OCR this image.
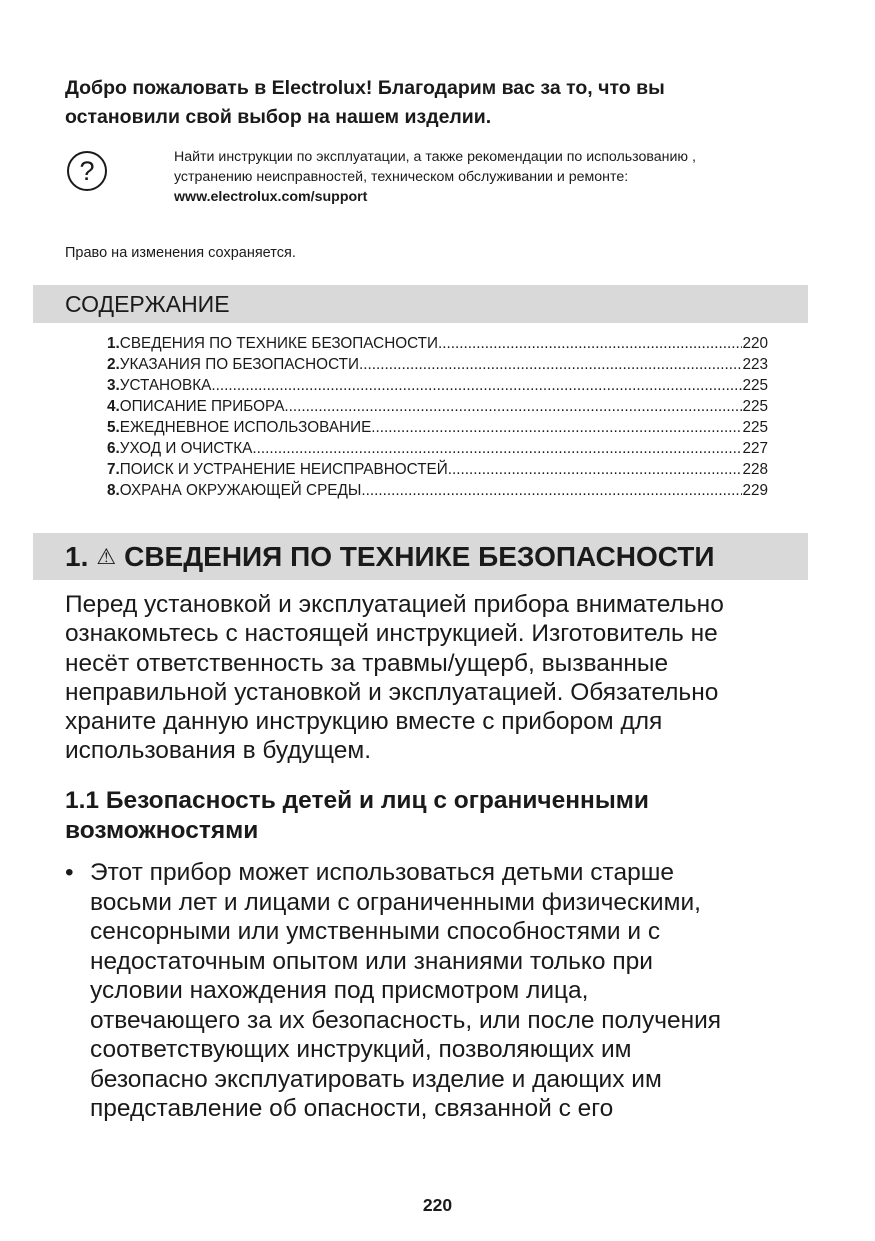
Добро пожаловать в Electrolux! Благодарим вас за то, что вы
остановили свой выбор на нашем изделии.
?	Найти инструкции по эксплуатации, а также рекомендации по использованию ,
устранению неисправностей, техническом обслуживании и ремонте:
www.electrolux.com/support
Право на изменения сохраняется.
СОДЕРЖАНИЕ
1. СВЕДЕНИЯ ПО ТЕХНИКЕ БЕЗОПАСНОСТИ .....	220
2. УКАЗАНИЯ ПО БЕЗОПАСНОСТИ .....	223
3. УСТАНОВКА .....	225
4. ОПИСАНИЕ ПРИБОРА .....	225
5. ЕЖЕДНЕВНОЕ ИСПОЛЬЗОВАНИЕ .....	225
6. УХОД И ОЧИСТКА .....	227
7. ПОИСК И УСТРАНЕНИЕ НЕИСПРАВНОСТЕЙ .....	228
8. ОХРАНА ОКРУЖАЮЩЕЙ СРЕДЫ .....	229
1. ⚠ СВЕДЕНИЯ ПО ТЕХНИКЕ БЕЗОПАСНОСТИ
Перед установкой и эксплуатацией прибора внимательно
ознакомьтесь с настоящей инструкцией. Изготовитель не
несёт ответственность за травмы/ущерб, вызванные
неправильной установкой и эксплуатацией. Обязательно
храните данную инструкцию вместе с прибором для
использования в будущем.
1.1 Безопасность детей и лиц с ограниченными
возможностями
• Этот прибор может использоваться детьми старше
восьми лет и лицами с ограниченными физическими,
сенсорными или умственными способностями и с
недостаточным опытом или знаниями только при
условии нахождения под присмотром лица,
отвечающего за их безопасность, или после получения
соответствующих инструкций, позволяющих им
безопасно эксплуатировать изделие и дающих им
представление об опасности, связанной с его
220
